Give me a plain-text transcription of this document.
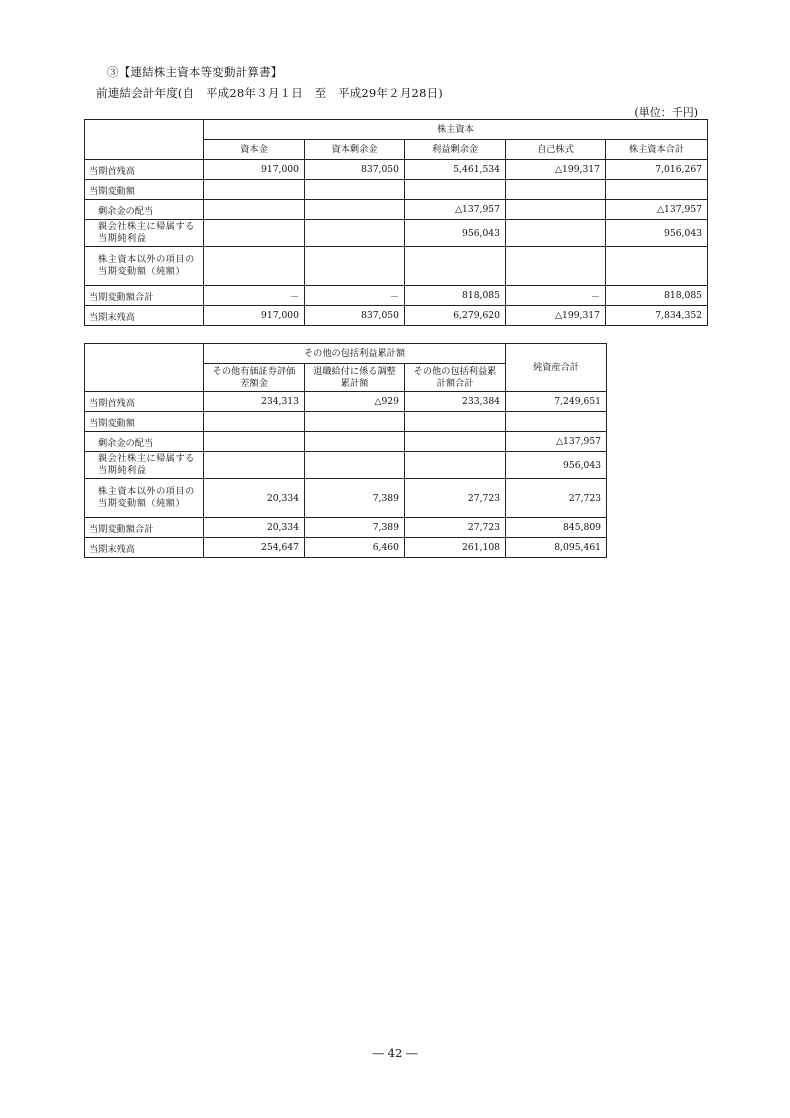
③【連結株主資本等変動計算書】
前連結会計年度(自　平成28年３月１日　至　平成29年２月28日)
(単位：千円)
	株主資本				
	資本金	資本剰余金	利益剰余金	自己株式	株主資本合計
当期首残高	917,000	837,050	5,461,534	△199,317	7,016,267
当期変動額					
剰余金の配当			△137,957		△137,957
親会社株主に帰属する当期純利益			956,043		956,043
株主資本以外の項目の当期変動額（純額）					
当期変動額合計	－	－	818,085	－	818,085
当期末残高	917,000	837,050	6,279,620	△199,317	7,834,352
	その他の包括利益累計額			純資産合計
	その他有価証券評価差額金	退職給付に係る調整累計額	その他の包括利益累計額合計	
当期首残高	234,313	△929	233,384	7,249,651
当期変動額				
剰余金の配当				△137,957
親会社株主に帰属する当期純利益				956,043
株主資本以外の項目の当期変動額（純額）	20,334	7,389	27,723	27,723
当期変動額合計	20,334	7,389	27,723	845,809
当期末残高	254,647	6,460	261,108	8,095,461
― 42 ―
